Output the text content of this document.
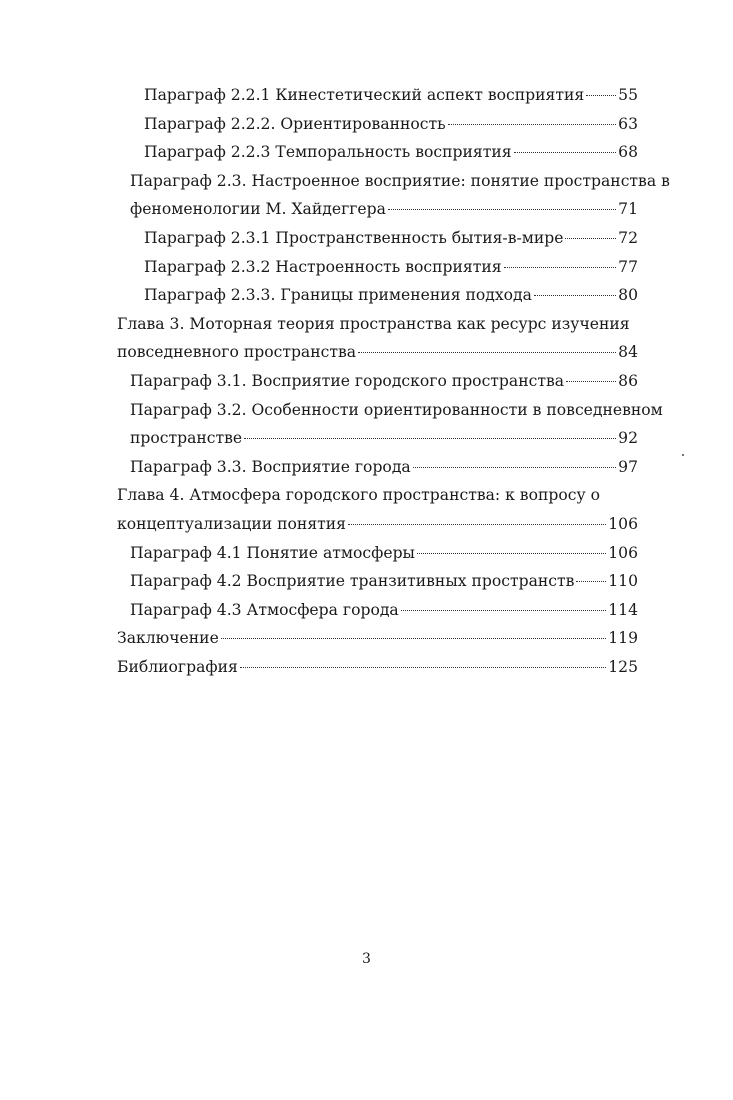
Параграф 2.2.1 Кинестетический аспект восприятия 55
Параграф 2.2.2. Ориентированность	63
Параграф 2.2.3 Темпоральность восприятия	68
Параграф 2.3. Настроенное восприятие: понятие пространства в
феноменологии М. Хайдеггера	71
Параграф 2.3.1 Пространственность бытия-в-мире	72
Параграф 2.3.2 Настроенность восприятия	77
Параграф 2.3.3. Границы применения подхода	80
Глава 3. Моторная теория пространства как ресурс изучения
повседневного пространства	84
Параграф 3.1. Восприятие городского пространства	86
Параграф 3.2. Особенности ориентированности в повседневном
пространстве	92
Параграф 3.3. Восприятие города	97
Глава 4. Атмосфера городского пространства: к вопросу о
концептуализации понятия	106
Параграф 4.1 Понятие атмосферы	106
Параграф 4.2 Восприятие транзитивных пространств 110
Параграф 4.3 Атмосфера города	114
Заключение	119
Библиография	125
3
